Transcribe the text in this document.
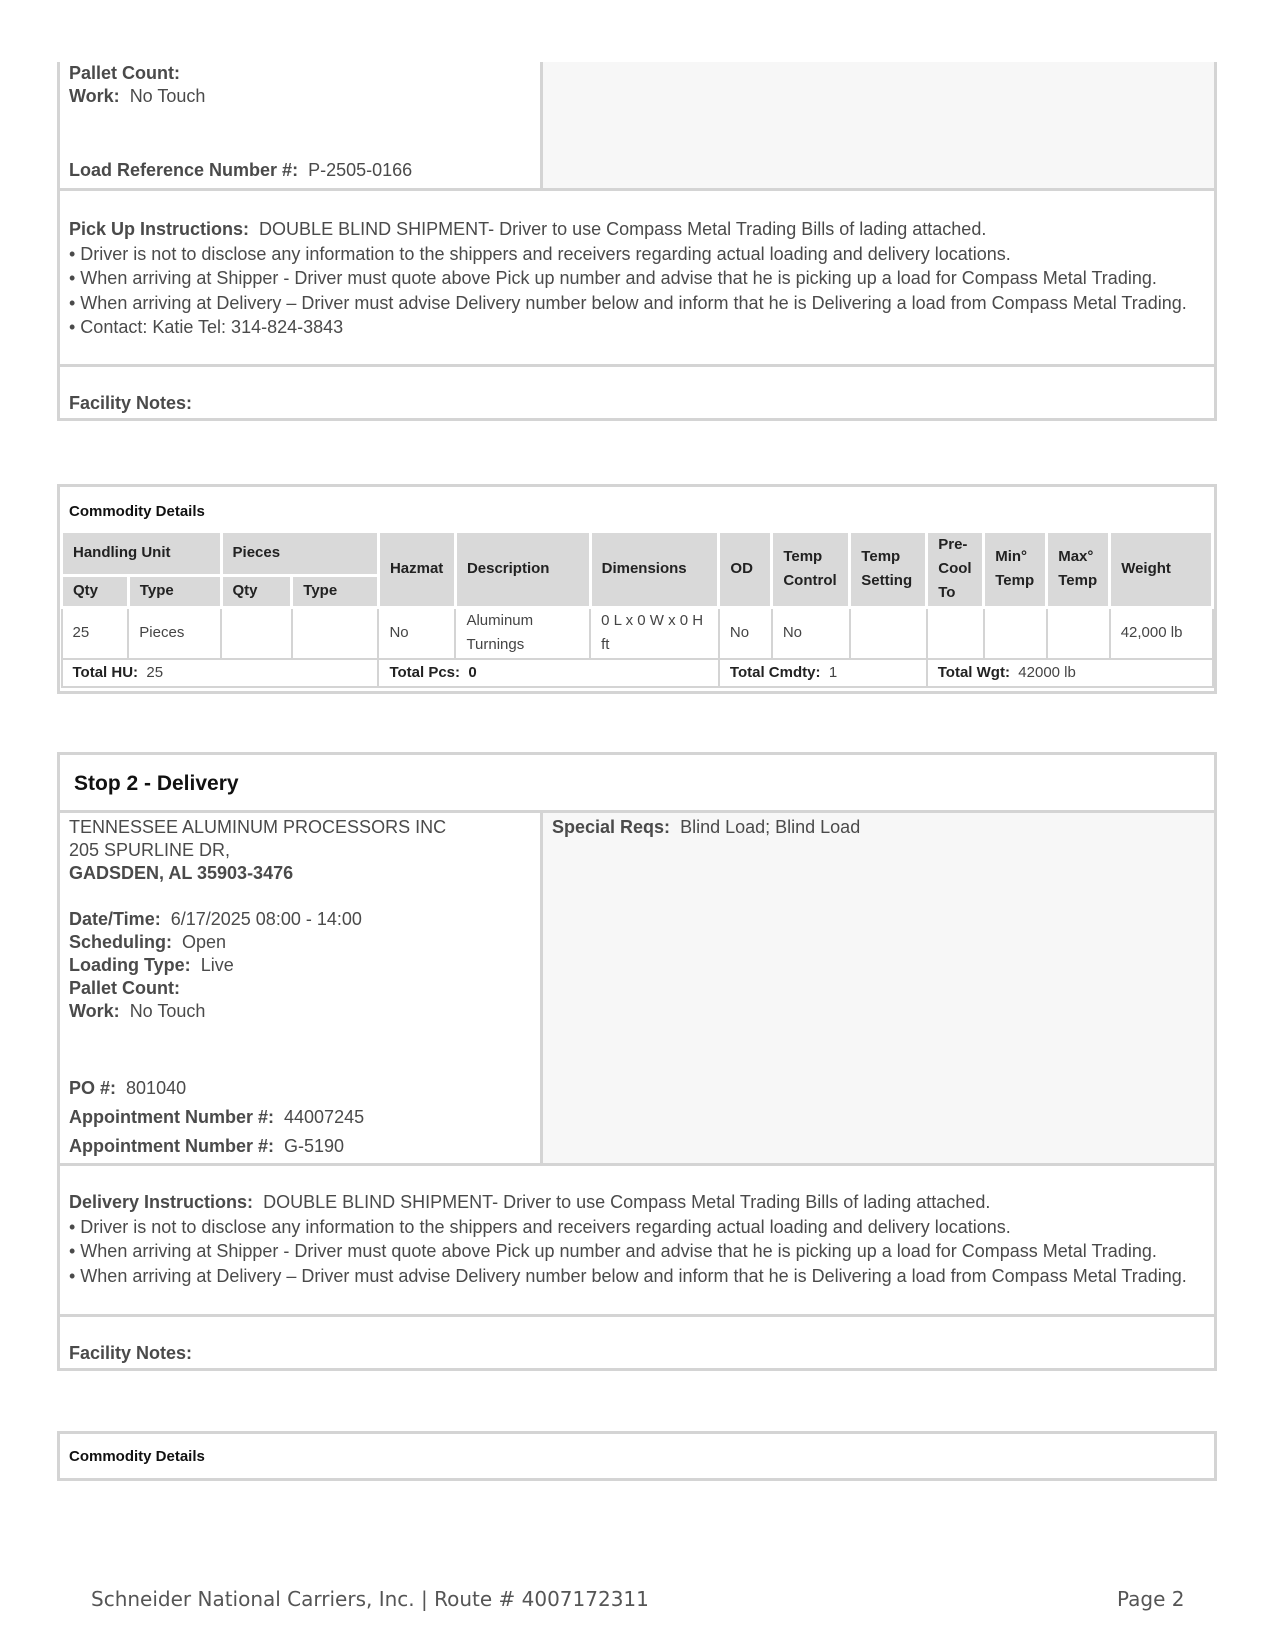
Pallet Count:
Work: No Touch
Load Reference Number #: P-2505-0166
Pick Up Instructions: DOUBLE BLIND SHIPMENT- Driver to use Compass Metal Trading Bills of lading attached.
• Driver is not to disclose any information to the shippers and receivers regarding actual loading and delivery locations.
• When arriving at Shipper - Driver must quote above Pick up number and advise that he is picking up a load for Compass Metal Trading.
• When arriving at Delivery – Driver must advise Delivery number below and inform that he is Delivering a load from Compass Metal Trading.
• Contact: Katie Tel: 314-824-3843
Facility Notes:
Commodity Details
Handling Unit		Pieces		Hazmat	Description	Dimensions	OD	Temp Control	Temp Setting	Pre-Cool To	Min° Temp	Max° Temp	Weight
Qty	Type	Qty	Type										
25	Pieces			No	Aluminum Turnings	0 L x 0 W x 0 H ft	No	No					42,000 lb
Total HU: 25				Total Pcs: 0			Total Cmdty: 1			Total Wgt: 42000 lb			
Stop 2 - Delivery
TENNESSEE ALUMINUM PROCESSORS INC
205 SPURLINE DR,
GADSDEN, AL 35903-3476
Date/Time: 6/17/2025 08:00 - 14:00
Scheduling: Open
Loading Type: Live
Pallet Count:
Work: No Touch
PO #: 801040
Appointment Number #: 44007245
Appointment Number #: G-5190
Special Reqs: Blind Load; Blind Load
Delivery Instructions: DOUBLE BLIND SHIPMENT- Driver to use Compass Metal Trading Bills of lading attached.
• Driver is not to disclose any information to the shippers and receivers regarding actual loading and delivery locations.
• When arriving at Shipper - Driver must quote above Pick up number and advise that he is picking up a load for Compass Metal Trading.
• When arriving at Delivery – Driver must advise Delivery number below and inform that he is Delivering a load from Compass Metal Trading.
Facility Notes:
Commodity Details
Schneider National Carriers, Inc. | Route # 4007172311	Page 2
